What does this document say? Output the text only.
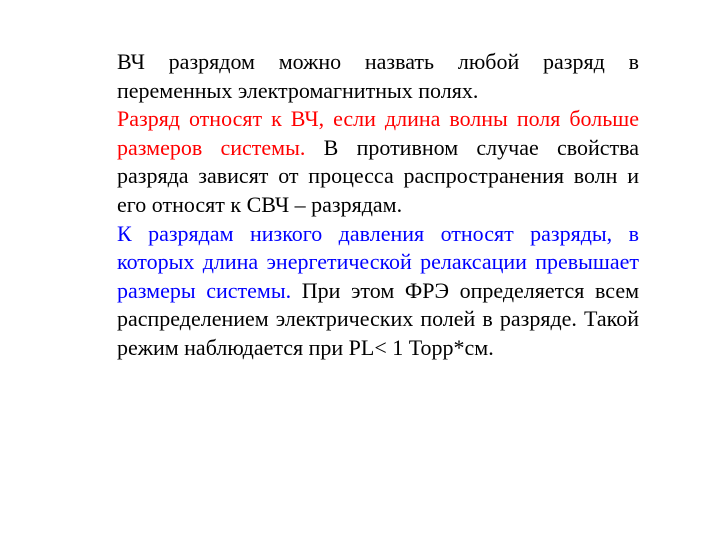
ВЧ разрядом можно назвать любой разряд в переменных электромагнитных полях.

Разряд относят к ВЧ, если длина волны поля больше размеров системы. В противном случае свойства разряда зависят от процесса распространения волн и его относят к СВЧ – разрядам.

К разрядам низкого давления относят разряды, в которых длина энергетической релаксации превышает размеры системы. При этом ФРЭ определяется всем распределением электрических полей в разряде. Такой режим наблюдается при PL< 1 Торр*см.
